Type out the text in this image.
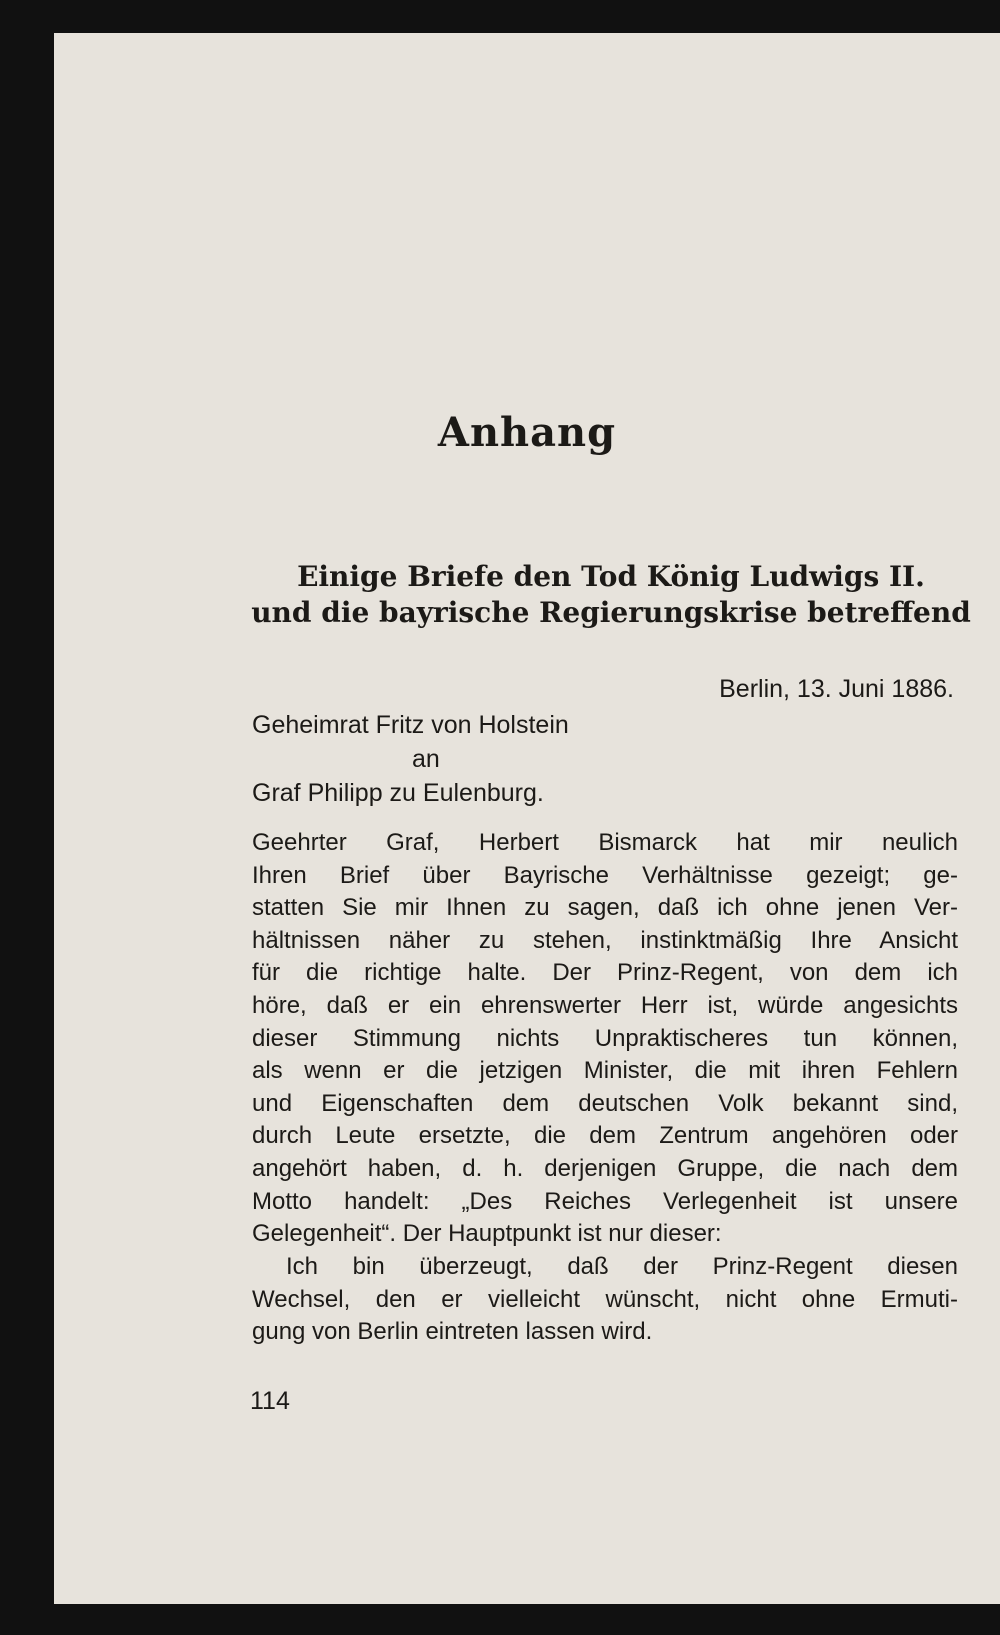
Anhang
Einige Briefe den Tod König Ludwigs II.
und die bayrische Regierungskrise betreffend
Berlin, 13. Juni 1886.
Geheimrat Fritz von Holstein
an
Graf Philipp zu Eulenburg.
Geehrter Graf, Herbert Bismarck hat mir neulich
Ihren Brief über Bayrische Verhältnisse gezeigt; ge-
statten Sie mir Ihnen zu sagen, daß ich ohne jenen Ver-
hältnissen näher zu stehen, instinktmäßig Ihre Ansicht
für die richtige halte. Der Prinz-Regent, von dem ich
höre, daß er ein ehrenswerter Herr ist, würde angesichts
dieser Stimmung nichts Unpraktischeres tun können,
als wenn er die jetzigen Minister, die mit ihren Fehlern
und Eigenschaften dem deutschen Volk bekannt sind,
durch Leute ersetzte, die dem Zentrum angehören oder
angehört haben, d. h. derjenigen Gruppe, die nach dem
Motto handelt: „Des Reiches Verlegenheit ist unsere
Gelegenheit“. Der Hauptpunkt ist nur dieser:
Ich bin überzeugt, daß der Prinz-Regent diesen
Wechsel, den er vielleicht wünscht, nicht ohne Ermuti-
gung von Berlin eintreten lassen wird.
114
